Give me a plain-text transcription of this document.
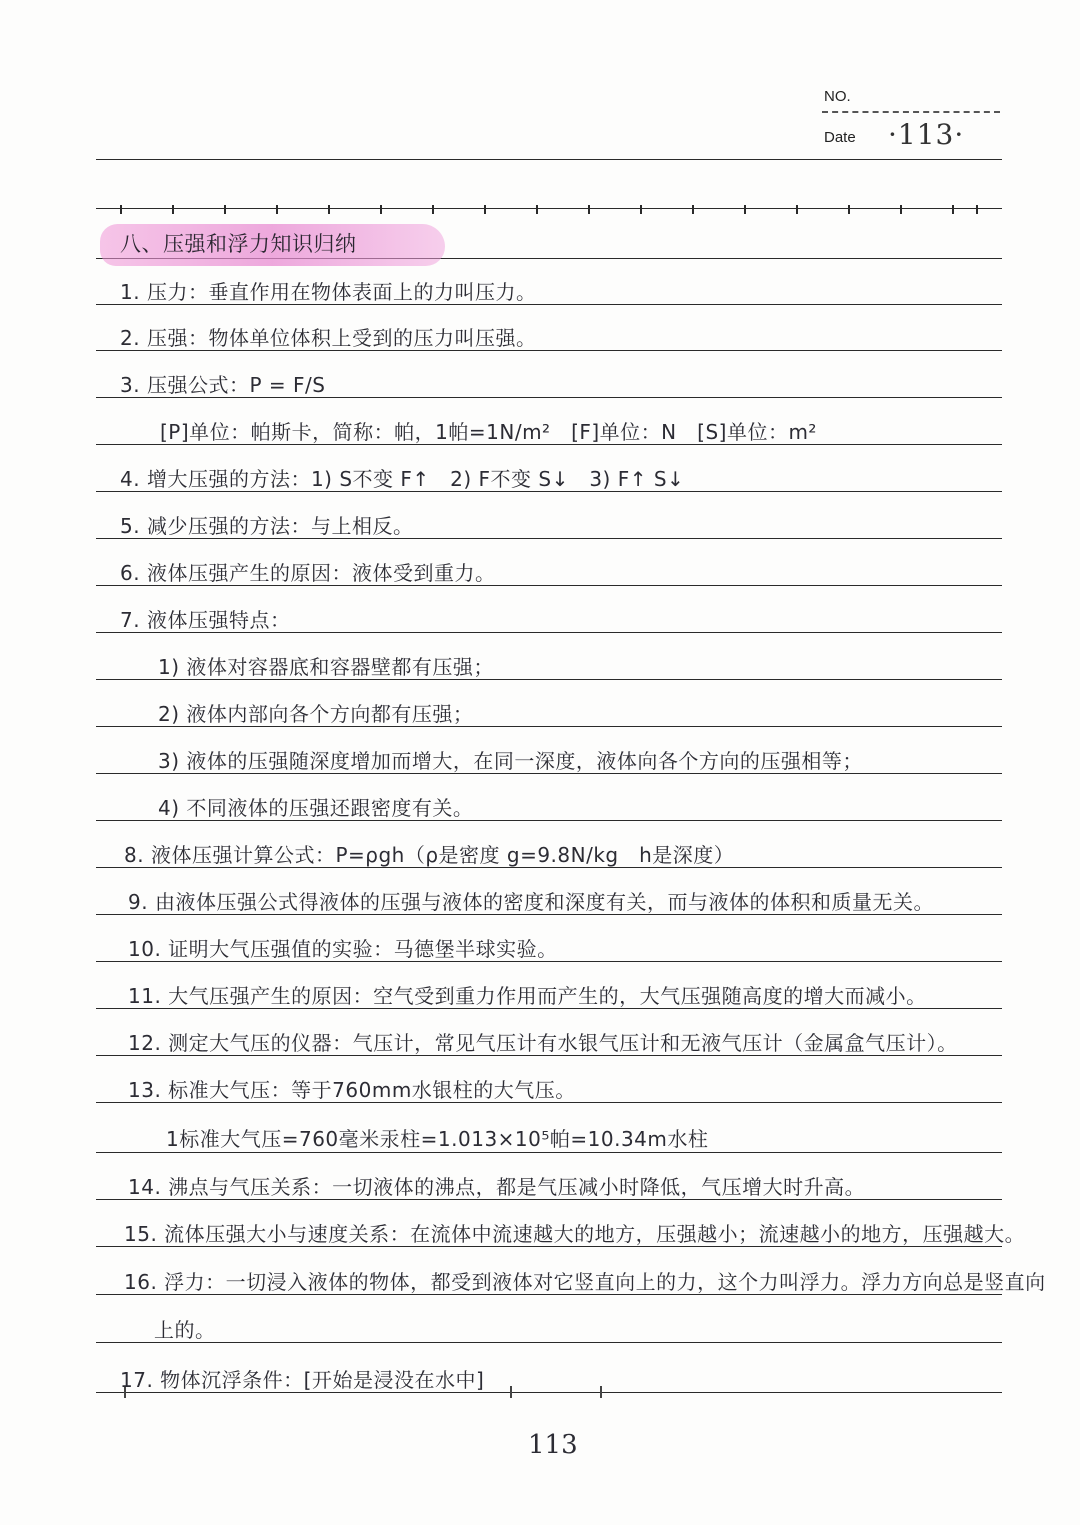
NO.
Date ·113·
八、压强和浮力知识归纳
1. 压力：垂直作用在物体表面上的力叫压力。
2. 压强：物体单位体积上受到的压力叫压强。
3. 压强公式：P = F/S
[P]单位：帕斯卡，简称：帕，1帕=1N/m²　[F]单位：N　[S]单位：m²
4. 增大压强的方法：1) S不变 F↑　2) F不变 S↓　3) F↑ S↓
5. 减少压强的方法：与上相反。
6. 液体压强产生的原因：液体受到重力。
7. 液体压强特点：
1) 液体对容器底和容器壁都有压强；
2) 液体内部向各个方向都有压强；
3) 液体的压强随深度增加而增大，在同一深度，液体向各个方向的压强相等；
4) 不同液体的压强还跟密度有关。
8. 液体压强计算公式：P=ρgh（ρ是密度 g=9.8N/kg　h是深度）
9. 由液体压强公式得液体的压强与液体的密度和深度有关，而与液体的体积和质量无关。
10. 证明大气压强值的实验：马德堡半球实验。
11. 大气压强产生的原因：空气受到重力作用而产生的，大气压强随高度的增大而减小。
12. 测定大气压的仪器：气压计，常见气压计有水银气压计和无液气压计（金属盒气压计）。
13. 标准大气压：等于760mm水银柱的大气压。
1标准大气压=760毫米汞柱=1.013×10⁵帕=10.34m水柱
14. 沸点与气压关系：一切液体的沸点，都是气压减小时降低，气压增大时升高。
15. 流体压强大小与速度关系：在流体中流速越大的地方，压强越小；流速越小的地方，压强越大。
16. 浮力：一切浸入液体的物体，都受到液体对它竖直向上的力，这个力叫浮力。浮力方向总是竖直向
上的。
17. 物体沉浮条件：[开始是浸没在水中]
113
